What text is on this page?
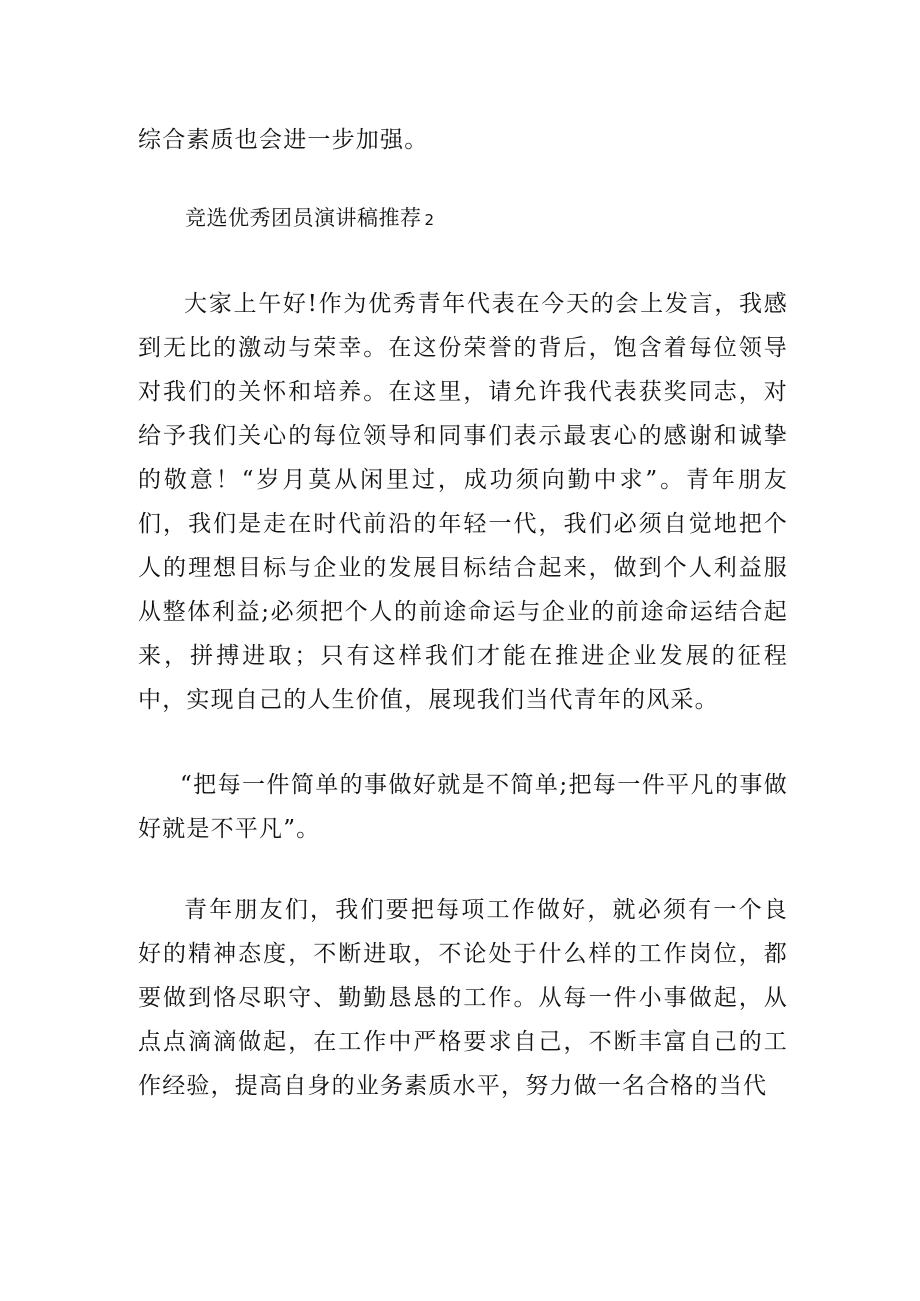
综合素质也会进一步加强。

竞选优秀团员演讲稿推荐 2

大家上午好!作为优秀青年代表在今天的会上发言，我感到无比的激动与荣幸。在这份荣誉的背后，饱含着每位领导对我们的关怀和培养。在这里，请允许我代表获奖同志，对给予我们关心的每位领导和同事们表示最衷心的感谢和诚挚的敬意！“岁月莫从闲里过，成功须向勤中求”。青年朋友们，我们是走在时代前沿的年轻一代，我们必须自觉地把个人的理想目标与企业的发展目标结合起来，做到个人利益服从整体利益;必须把个人的前途命运与企业的前途命运结合起来，拼搏进取；只有这样我们才能在推进企业发展的征程中，实现自己的人生价值，展现我们当代青年的风采。

“把每一件简单的事做好就是不简单;把每一件平凡的事做好就是不平凡”。

青年朋友们，我们要把每项工作做好，就必须有一个良好的精神态度，不断进取，不论处于什么样的工作岗位，都要做到恪尽职守、勤勤恳恳的工作。从每一件小事做起，从点点滴滴做起，在工作中严格要求自己，不断丰富自己的工作经验，提高自身的业务素质水平，努力做一名合格的当代
